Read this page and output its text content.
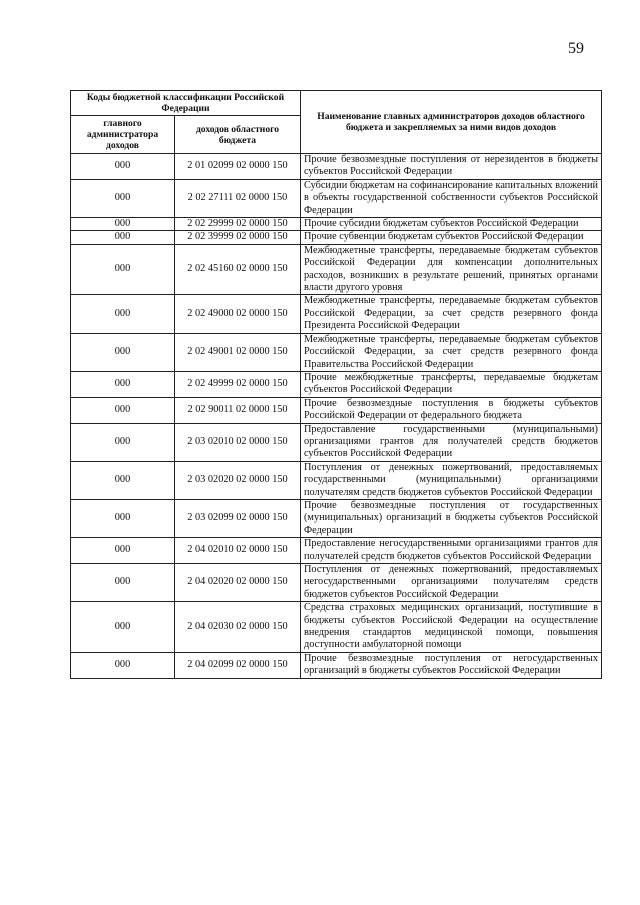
59
Коды бюджетной классификации Российской Федерации		Наименование главных администраторов доходов областного бюджета и закрепляемых за ними видов доходов
главного администратора доходов	доходов областного бюджета	
000	2 01 02099 02 0000 150	Прочие безвозмездные поступления от нерезидентов в бюджеты субъектов Российской Федерации
000	2 02 27111 02 0000 150	Субсидии бюджетам на софинансирование капитальных вложений в объекты государственной собственности субъектов Российской Федерации
000	2 02 29999 02 0000 150	Прочие субсидии бюджетам субъектов Российской Федерации
000	2 02 39999 02 0000 150	Прочие субвенции бюджетам субъектов Российской Федерации
000	2 02 45160 02 0000 150	Межбюджетные трансферты, передаваемые бюджетам субъектов Российской Федерации для компенсации дополнительных расходов, возникших в результате решений, принятых органами власти другого уровня
000	2 02 49000 02 0000 150	Межбюджетные трансферты, передаваемые бюджетам субъектов Российской Федерации, за счет средств резервного фонда Президента Российской Федерации
000	2 02 49001 02 0000 150	Межбюджетные трансферты, передаваемые бюджетам субъектов Российской Федерации, за счет средств резервного фонда Правительства Российской Федерации
000	2 02 49999 02 0000 150	Прочие межбюджетные трансферты, передаваемые бюджетам субъектов Российской Федерации
000	2 02 90011 02 0000 150	Прочие безвозмездные поступления в бюджеты субъектов Российской Федерации от федерального бюджета
000	2 03 02010 02 0000 150	Предоставление государственными (муниципальными) организациями грантов для получателей средств бюджетов субъектов Российской Федерации
000	2 03 02020 02 0000 150	Поступления от денежных пожертвований, предоставляемых государственными (муниципальными) организациями получателям средств бюджетов субъектов Российской Федерации
000	2 03 02099 02 0000 150	Прочие безвозмездные поступления от государственных (муниципальных) организаций в бюджеты субъектов Российской Федерации
000	2 04 02010 02 0000 150	Предоставление негосударственными организациями грантов для получателей средств бюджетов субъектов Российской Федерации
000	2 04 02020 02 0000 150	Поступления от денежных пожертвований, предоставляемых негосударственными организациями получателям средств бюджетов субъектов Российской Федерации
000	2 04 02030 02 0000 150	Средства страховых медицинских организаций, поступившие в бюджеты субъектов Российской Федерации на осуществление внедрения стандартов медицинской помощи, повышения доступности амбулаторной помощи
000	2 04 02099 02 0000 150	Прочие безвозмездные поступления от негосударственных организаций в бюджеты субъектов Российской Федерации
